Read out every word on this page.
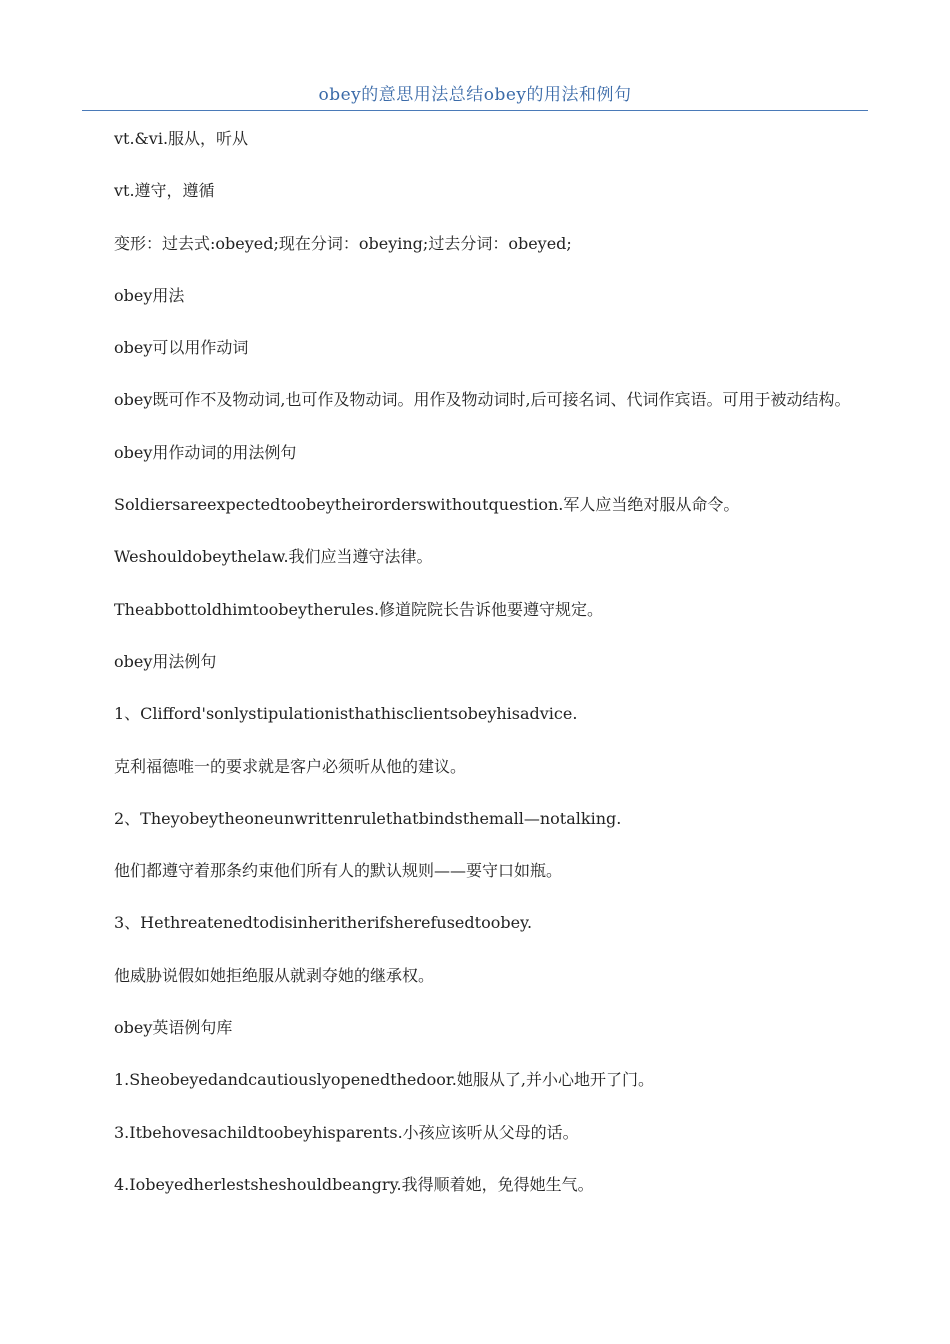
obey的意思用法总结obey的用法和例句

vt.&vi.服从，听从

vt.遵守，遵循

变形：过去式:obeyed;现在分词：obeying;过去分词：obeyed;

obey用法

obey可以用作动词

obey既可作不及物动词,也可作及物动词。用作及物动词时,后可接名词、代词作宾语。可用于被动结构。

obey用作动词的用法例句

Soldiersareexpectedtoobeytheirorderswithoutquestion.军人应当绝对服从命令。

Weshouldobeythelaw.我们应当遵守法律。

Theabbottoldhimtoobeytherules.修道院院长告诉他要遵守规定。

obey用法例句

1、Clifford'sonlystipulationisthathisclientsobeyhisadvice.

克利福德唯一的要求就是客户必须听从他的建议。

2、Theyobeytheoneunwrittenrulethatbindsthemall—notalking.

他们都遵守着那条约束他们所有人的默认规则——要守口如瓶。

3、Hethreatenedtodisinheritherifsherefusedtoobey.

他威胁说假如她拒绝服从就剥夺她的继承权。

obey英语例句库

1.Sheobeyedandcautiouslyopenedthedoor.她服从了,并小心地开了门。

3.Itbehovesachildtoobeyhisparents.小孩应该听从父母的话。

4.Iobeyedherlestsheshouldbeangry.我得顺着她，免得她生气。
